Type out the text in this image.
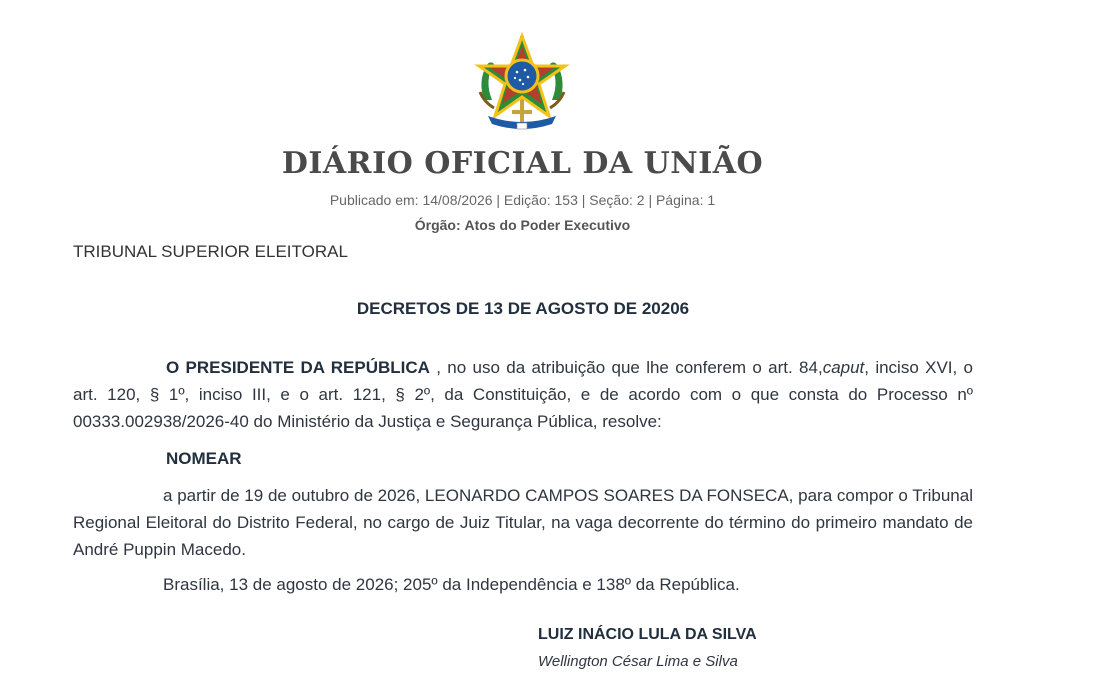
DIÁRIO OFICIAL DA UNIÃO
Publicado em: 14/08/2026 | Edição: 153 | Seção: 2 | Página: 1
Órgão: Atos do Poder Executivo
TRIBUNAL SUPERIOR ELEITORAL
DECRETOS DE 13 DE AGOSTO DE 20206
O PRESIDENTE DA REPÚBLICA , no uso da atribuição que lhe conferem o art. 84,caput, inciso XVI, o art. 120, § 1º, inciso III, e o art. 121, § 2º, da Constituição, e de acordo com o que consta do Processo nº 00333.002938/2026-40 do Ministério da Justiça e Segurança Pública, resolve:
NOMEAR
a partir de 19 de outubro de 2026, LEONARDO CAMPOS SOARES DA FONSECA, para compor o Tribunal Regional Eleitoral do Distrito Federal, no cargo de Juiz Titular, na vaga decorrente do término do primeiro mandato de André Puppin Macedo.
Brasília, 13 de agosto de 2026; 205º da Independência e 138º da República.
LUIZ INÁCIO LULA DA SILVA
Wellington César Lima e Silva
